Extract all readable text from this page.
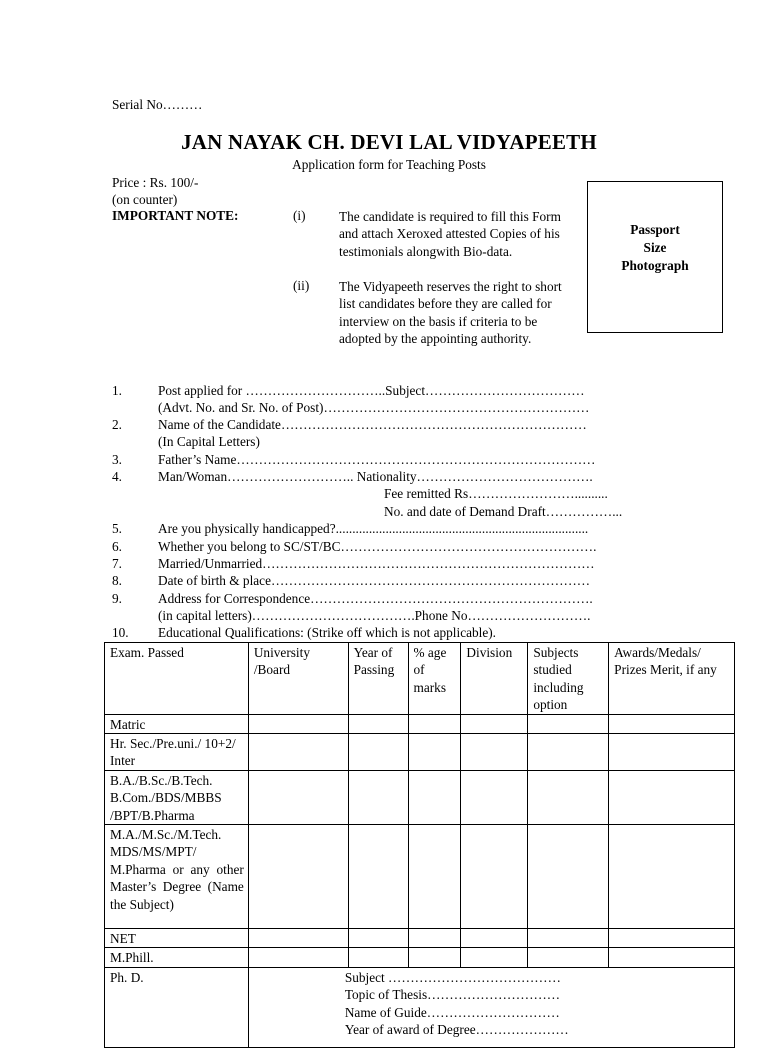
Serial No………
JAN NAYAK CH. DEVI LAL VIDYAPEETH
Application form for Teaching Posts
Price : Rs. 100/-
(on counter)
IMPORTANT NOTE:	(i)	The candidate is required to fill this Form and attach Xeroxed attested Copies of his testimonials alongwith Bio-data.
(ii) The Vidyapeeth reserves the right to short list candidates before they are called for interview on the basis if criteria to be adopted by the appointing authority.
Passport
Size
Photograph
1.	Post applied for …………………………..Subject………………………………
(Advt. No. and Sr. No. of Post)……………………………………………………
2.	Name of the Candidate……………………………………………………………
(In Capital Letters)
3.	Father’s Name………………………………………………………………………
4.	Man/Woman……………………….. Nationality………………………………….
Fee remitted Rs……………………..........
No. and date of Demand Draft……………...
5.	Are you physically handicapped?............................................................................
6.	Whether you belong to SC/ST/BC………………………………………………….
7.	Married/Unmarried…………………………………………………………………
8.	Date of birth & place………………………………………………………………
9.	Address for Correspondence……………………………………………………….
(in capital letters)……………………………….Phone No……………………….
10. Educational Qualifications: (Strike off which is not applicable).
Exam. Passed	University /Board	Year of Passing	% age of marks	Division	Subjects studied including option	Awards/Medals/ Prizes Merit, if any
Matric						
Hr. Sec./Pre.uni./ 10+2/ Inter						
B.A./B.Sc./B.Tech. B.Com./BDS/MBBS /BPT/B.Pharma						
M.A./M.Sc./M.Tech. MDS/MS/MPT/ M.Pharma or any other Master’s Degree (Name the Subject)						
NET						
M.Phill.						
Ph. D.	Subject …………………………………
Topic of Thesis…………………………
Name of Guide…………………………
Year of award of Degree…………………					
